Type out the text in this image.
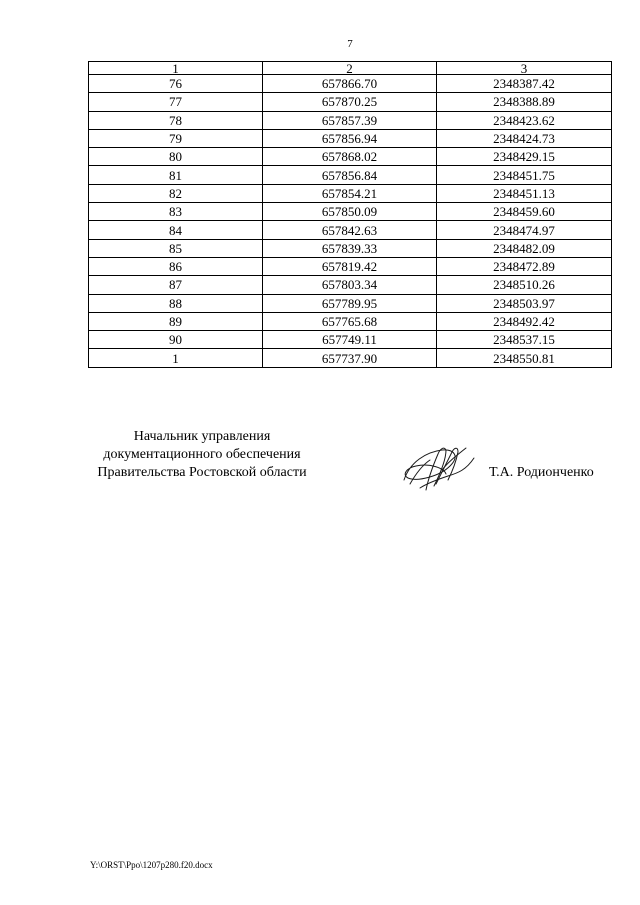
7
1	2	3
76	657866.70	2348387.42
77	657870.25	2348388.89
78	657857.39	2348423.62
79	657856.94	2348424.73
80	657868.02	2348429.15
81	657856.84	2348451.75
82	657854.21	2348451.13
83	657850.09	2348459.60
84	657842.63	2348474.97
85	657839.33	2348482.09
86	657819.42	2348472.89
87	657803.34	2348510.26
88	657789.95	2348503.97
89	657765.68	2348492.42
90	657749.11	2348537.15
1	657737.90	2348550.81
Начальник управления
документационного обеспечения
Правительства Ростовской области	Т.А. Родионченко
Y:\ORST\Ppo\1207p280.f20.docx
